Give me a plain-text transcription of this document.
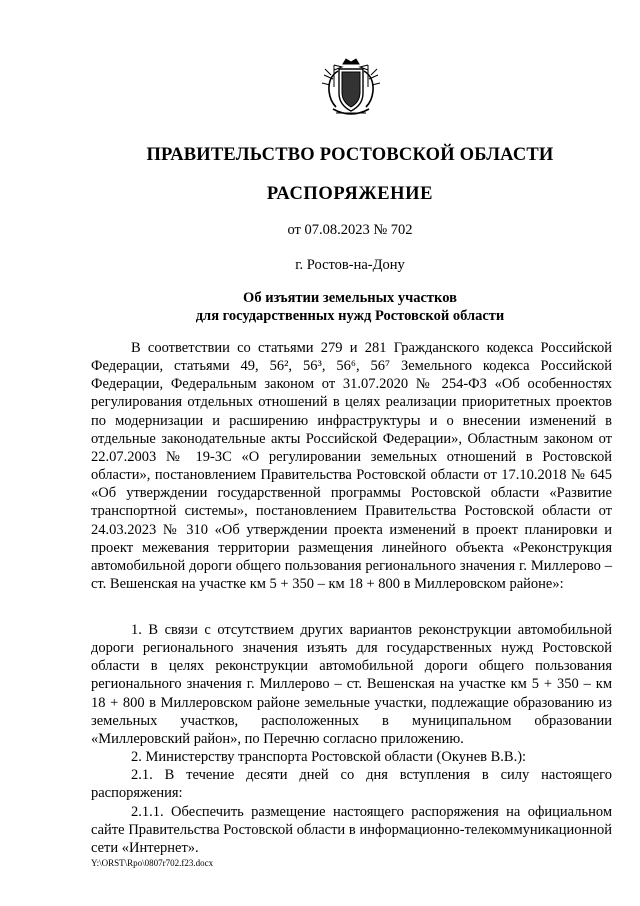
ПРАВИТЕЛЬСТВО РОСТОВСКОЙ ОБЛАСТИ
РАСПОРЯЖЕНИЕ
от 07.08.2023 № 702
г. Ростов-на-Дону
Об изъятии земельных участков
для государственных нужд Ростовской области

В соответствии со статьями 279 и 281 Гражданского кодекса Российской Федерации, статьями 49, 56², 56³, 56⁶, 56⁷ Земельного кодекса Российской Федерации, Федеральным законом от 31.07.2020 № 254-ФЗ «Об особенностях регулирования отдельных отношений в целях реализации приоритетных проектов по модернизации и расширению инфраструктуры и о внесении изменений в отдельные законодательные акты Российской Федерации», Областным законом от 22.07.2003 № 19-ЗС «О регулировании земельных отношений в Ростовской области», постановлением Правительства Ростовской области от 17.10.2018 № 645 «Об утверждении государственной программы Ростовской области «Развитие транспортной системы», постановлением Правительства Ростовской области от 24.03.2023 № 310 «Об утверждении проекта изменений в проект планировки и проект межевания территории размещения линейного объекта «Реконструкция автомобильной дороги общего пользования регионального значения г. Миллерово – ст. Вешенская на участке км 5 + 350 – км 18 + 800 в Миллеровском районе»:

1. В связи с отсутствием других вариантов реконструкции автомобильной дороги регионального значения изъять для государственных нужд Ростовской области в целях реконструкции автомобильной дороги общего пользования регионального значения г. Миллерово – ст. Вешенская на участке км 5 + 350 – км 18 + 800 в Миллеровском районе земельные участки, подлежащие образованию из земельных участков, расположенных в муниципальном образовании «Миллеровский район», по Перечню согласно приложению.

2. Министерству транспорта Ростовской области (Окунев В.В.):

2.1. В течение десяти дней со дня вступления в силу настоящего распоряжения:

2.1.1. Обеспечить размещение настоящего распоряжения на официальном сайте Правительства Ростовской области в информационно-телекоммуникационной сети «Интернет».

Y:\ORST\Rpo\0807r702.f23.docx
